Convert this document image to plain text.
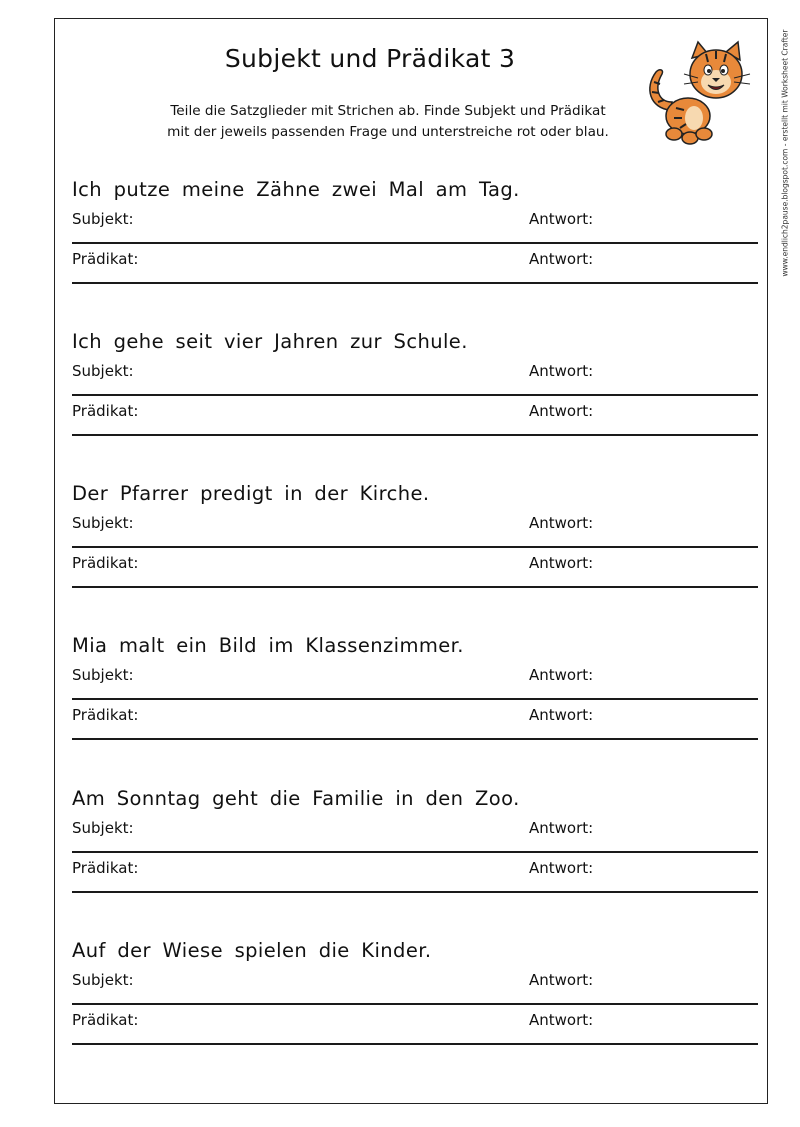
Subjekt und Prädikat 3
Teile die Satzglieder mit Strichen ab. Finde Subjekt und Prädikat
mit der jeweils passenden Frage und unterstreiche rot oder blau.	www.endlich2pause.blogspot.com - erstellt mit Worksheet Crafter
Ich putze meine Zähne zwei Mal am Tag.
Subjekt:	Antwort:
Prädikat:	Antwort:
Ich gehe seit vier Jahren zur Schule.
Subjekt:	Antwort:
Prädikat:	Antwort:
Der Pfarrer predigt in der Kirche.
Subjekt:	Antwort:
Prädikat:	Antwort:
Mia malt ein Bild im Klassenzimmer.
Subjekt:	Antwort:
Prädikat:	Antwort:
Am Sonntag geht die Familie in den Zoo.
Subjekt:	Antwort:
Prädikat:	Antwort:
Auf der Wiese spielen die Kinder.
Subjekt:	Antwort:
Prädikat:	Antwort:
